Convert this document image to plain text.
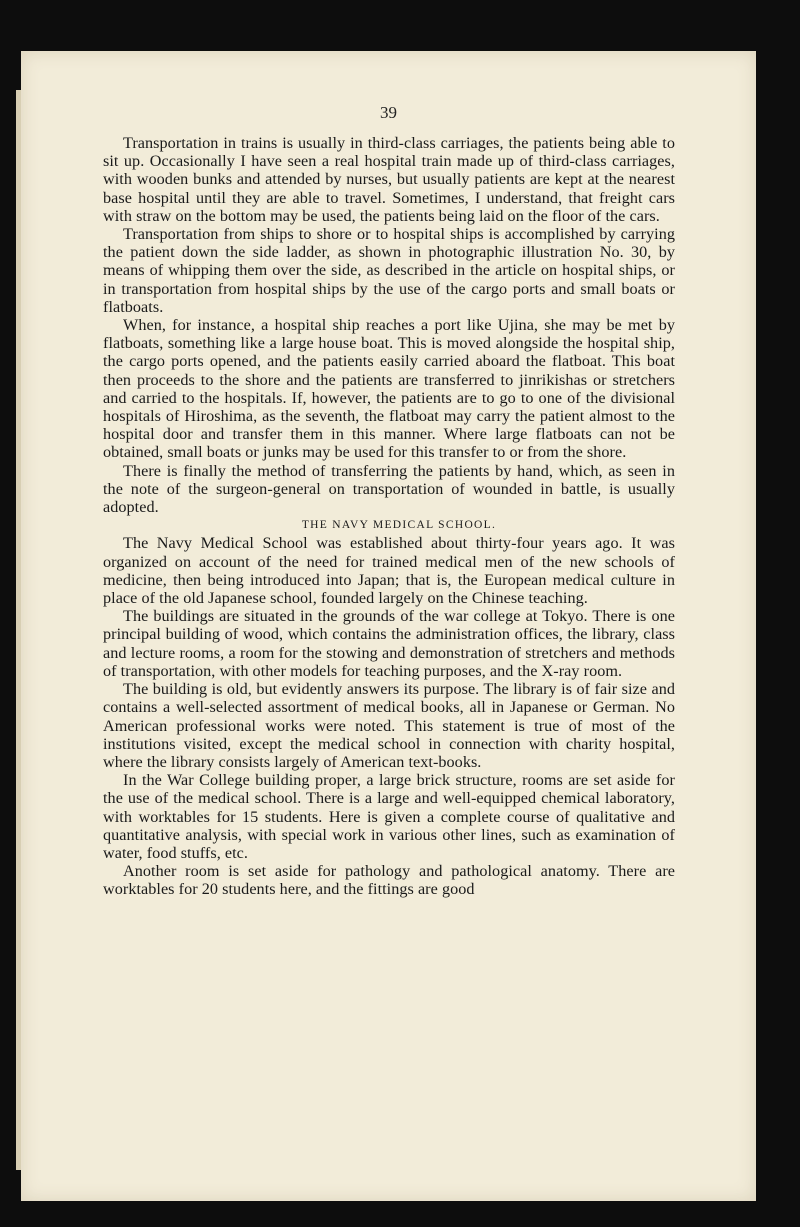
39

Transportation in trains is usually in third-class carriages, the patients being able to sit up. Occasionally I have seen a real hospital train made up of third-class carriages, with wooden bunks and attended by nurses, but usually patients are kept at the nearest base hospital until they are able to travel. Sometimes, I understand, that freight cars with straw on the bottom may be used, the patients being laid on the floor of the cars.

Transportation from ships to shore or to hospital ships is accomplished by carrying the patient down the side ladder, as shown in photographic illustration No. 30, by means of whipping them over the side, as described in the article on hospital ships, or in transportation from hospital ships by the use of the cargo ports and small boats or flatboats.

When, for instance, a hospital ship reaches a port like Ujina, she may be met by flatboats, something like a large house boat. This is moved alongside the hospital ship, the cargo ports opened, and the patients easily carried aboard the flatboat. This boat then proceeds to the shore and the patients are transferred to jinrikishas or stretchers and carried to the hospitals. If, however, the patients are to go to one of the divisional hospitals of Hiroshima, as the seventh, the flatboat may carry the patient almost to the hospital door and transfer them in this manner. Where large flatboats can not be obtained, small boats or junks may be used for this transfer to or from the shore.

There is finally the method of transferring the patients by hand, which, as seen in the note of the surgeon-general on transportation of wounded in battle, is usually adopted.

THE NAVY MEDICAL SCHOOL.

The Navy Medical School was established about thirty-four years ago. It was organized on account of the need for trained medical men of the new schools of medicine, then being introduced into Japan; that is, the European medical culture in place of the old Japanese school, founded largely on the Chinese teaching.

The buildings are situated in the grounds of the war college at Tokyo. There is one principal building of wood, which contains the administration offices, the library, class and lecture rooms, a room for the stowing and demonstration of stretchers and methods of transportation, with other models for teaching purposes, and the X-ray room.

The building is old, but evidently answers its purpose. The library is of fair size and contains a well-selected assortment of medical books, all in Japanese or German. No American professional works were noted. This statement is true of most of the institutions visited, except the medical school in connection with charity hospital, where the library consists largely of American text-books.

In the War College building proper, a large brick structure, rooms are set aside for the use of the medical school. There is a large and well-equipped chemical laboratory, with worktables for 15 students. Here is given a complete course of qualitative and quantitative analysis, with special work in various other lines, such as examination of water, food stuffs, etc.

Another room is set aside for pathology and pathological anatomy. There are worktables for 20 students here, and the fittings are good
